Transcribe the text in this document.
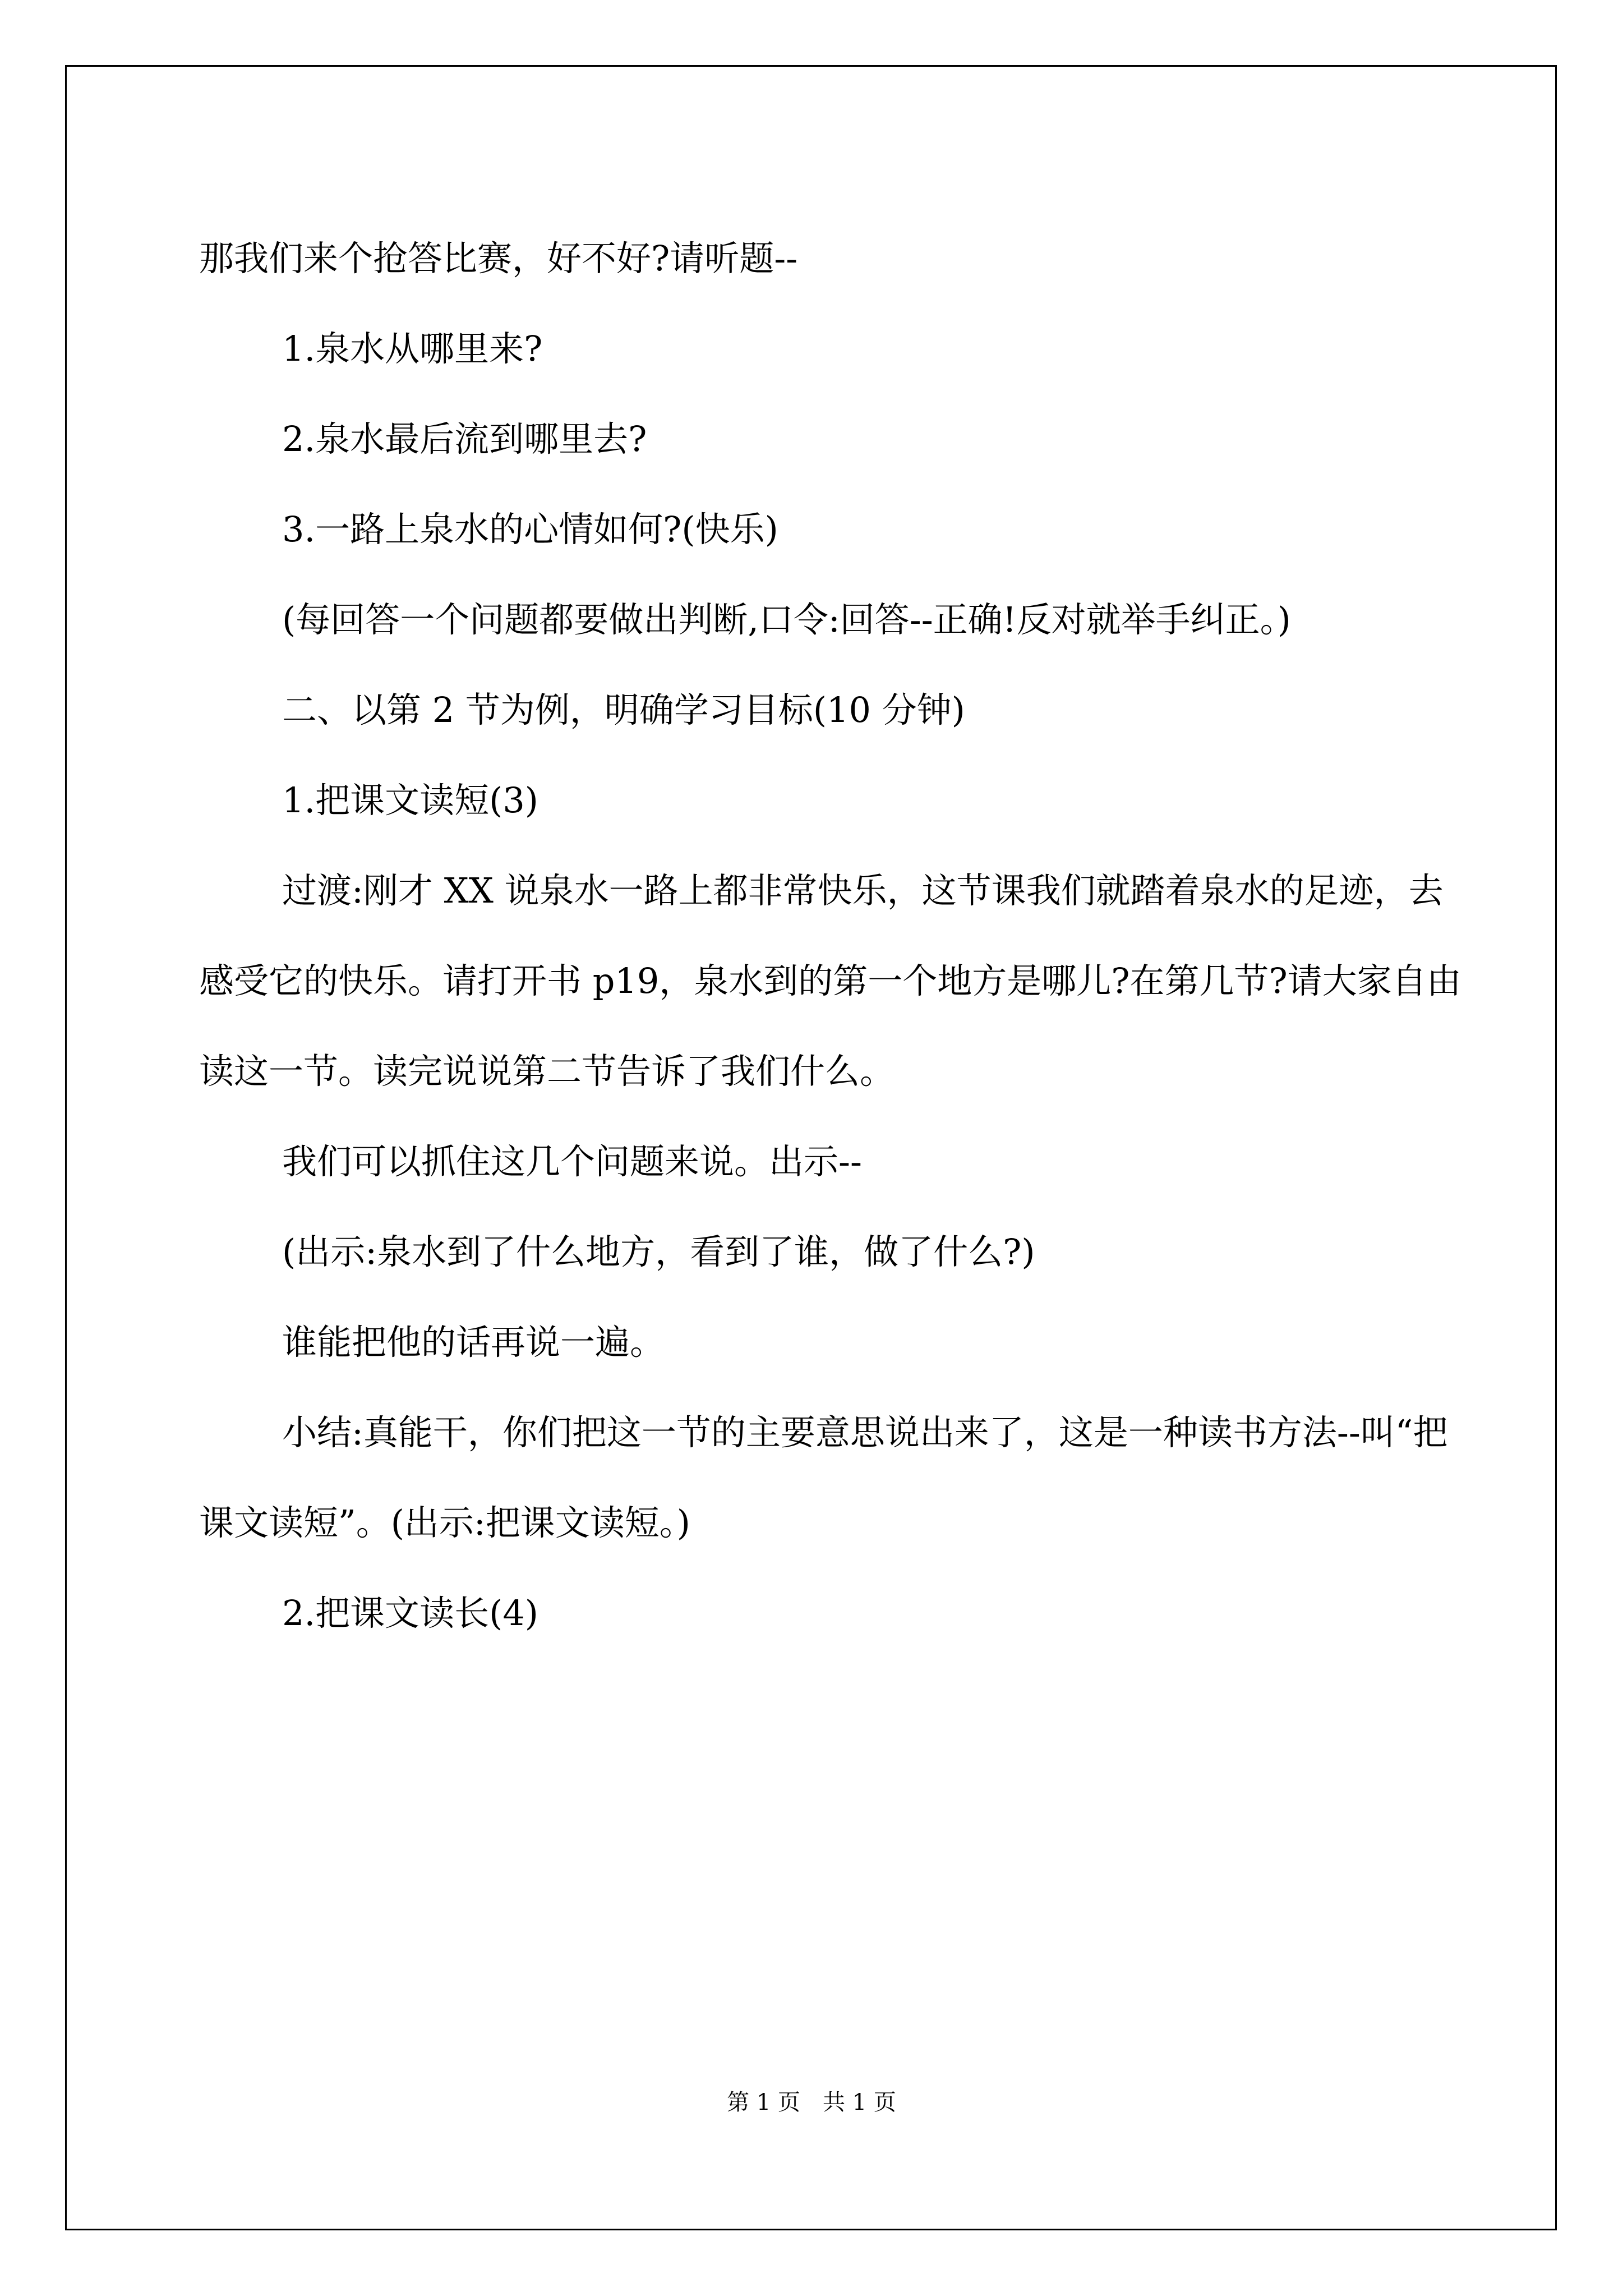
那我们来个抢答比赛，好不好?请听题--

1.泉水从哪里来?

2.泉水最后流到哪里去?

3.一路上泉水的心情如何?(快乐)

(每回答一个问题都要做出判断,口令:回答--正确!反对就举手纠正。)

二、以第 2 节为例，明确学习目标(10 分钟)

1.把课文读短(3)

过渡:刚才 XX 说泉水一路上都非常快乐，这节课我们就踏着泉水的足迹，去感受它的快乐。请打开书 p19，泉水到的第一个地方是哪儿?在第几节?请大家自由读这一节。读完说说第二节告诉了我们什么。

我们可以抓住这几个问题来说。出示--

(出示:泉水到了什么地方，看到了谁，做了什么?)

谁能把他的话再说一遍。

小结:真能干，你们把这一节的主要意思说出来了，这是一种读书方法--叫“把课文读短”。(出示:把课文读短。)

2.把课文读长(4)

第 1 页　共 1 页
